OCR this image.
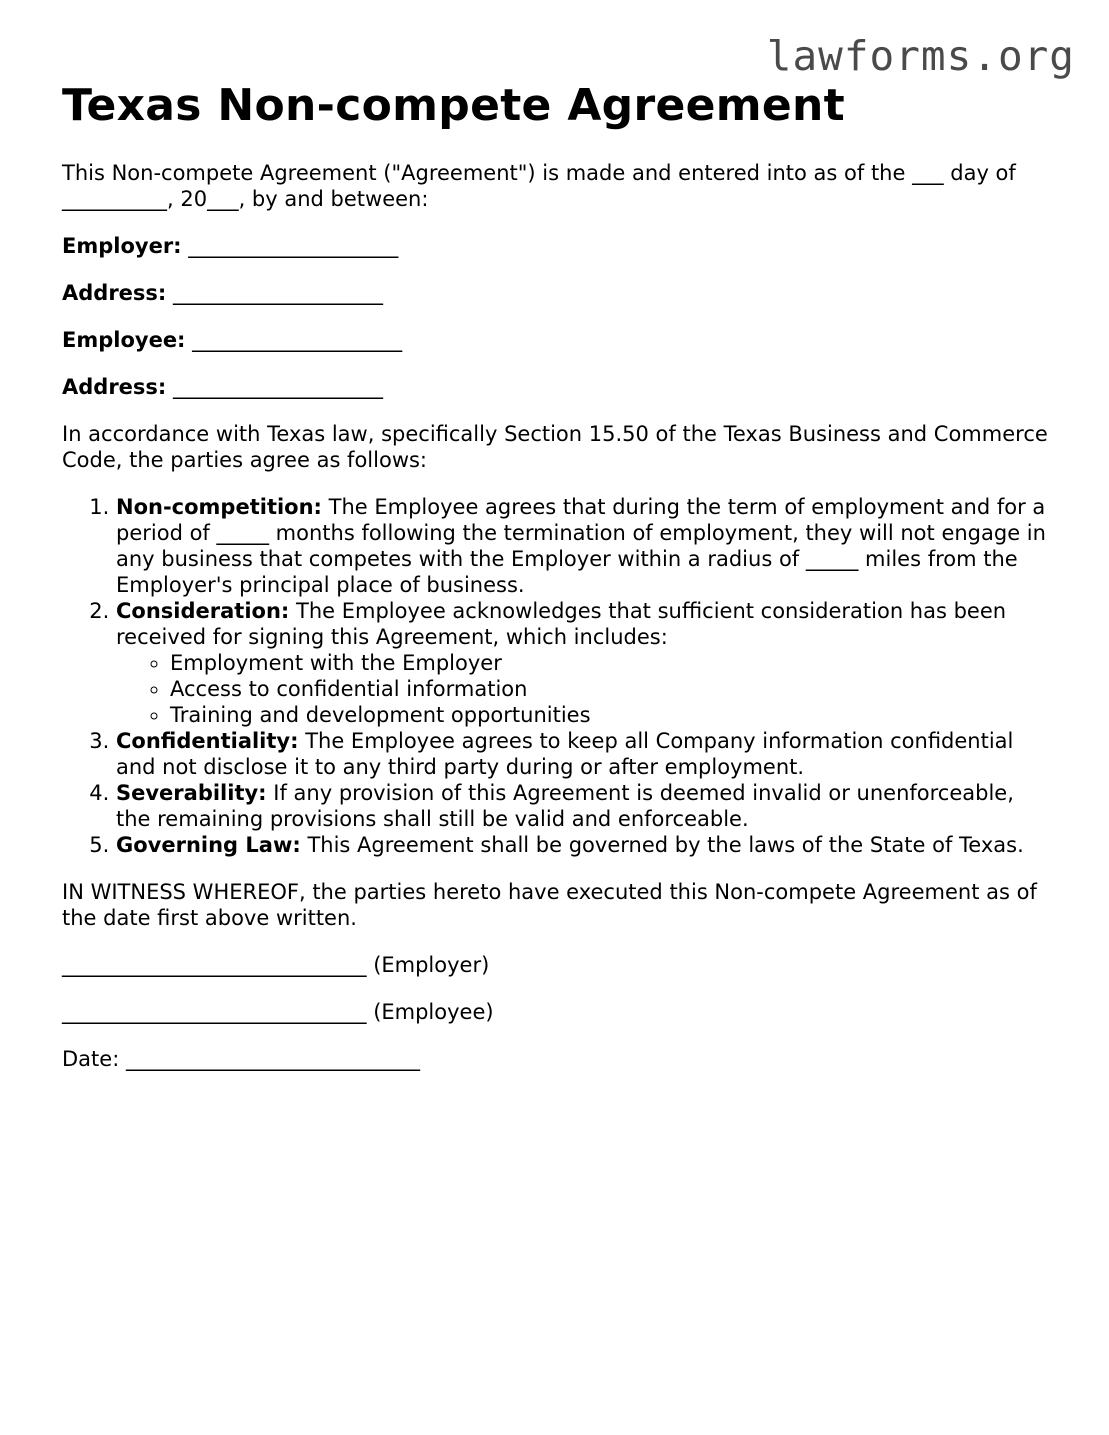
lawforms.org
Texas Non-compete Agreement

This Non-compete Agreement ("Agreement") is made and entered into as of the ___ day of __________, 20___, by and between:

Employer: ____________________

Address: ____________________

Employee: ____________________

Address: ____________________

In accordance with Texas law, specifically Section 15.50 of the Texas Business and Commerce Code, the parties agree as follows:

1. Non-competition: The Employee agrees that during the term of employment and for a period of _____ months following the termination of employment, they will not engage in any business that competes with the Employer within a radius of _____ miles from the Employer's principal place of business.
2. Consideration: The Employee acknowledges that sufficient consideration has been received for signing this Agreement, which includes:
◦ Employment with the Employer
◦ Access to confidential information
◦ Training and development opportunities
3. Confidentiality: The Employee agrees to keep all Company information confidential and not disclose it to any third party during or after employment.
4. Severability: If any provision of this Agreement is deemed invalid or unenforceable, the remaining provisions shall still be valid and enforceable.
5. Governing Law: This Agreement shall be governed by the laws of the State of Texas.

IN WITNESS WHEREOF, the parties hereto have executed this Non-compete Agreement as of the date first above written.

_____________________________ (Employer)

_____________________________ (Employee)

Date: ____________________________
